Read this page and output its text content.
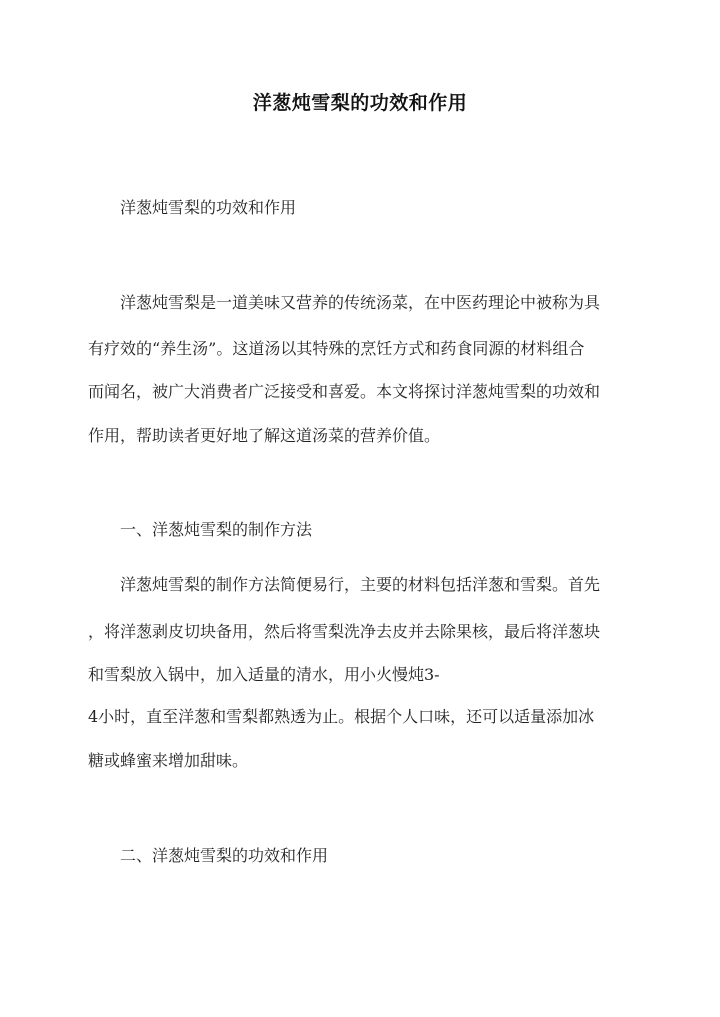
洋葱炖雪梨的功效和作用
洋葱炖雪梨的功效和作用
洋葱炖雪梨是一道美味又营养的传统汤菜，在中医药理论中被称为具
有疗效的“养生汤”。这道汤以其特殊的烹饪方式和药食同源的材料组合
而闻名，被广大消费者广泛接受和喜爱。本文将探讨洋葱炖雪梨的功效和
作用，帮助读者更好地了解这道汤菜的营养价值。
一、洋葱炖雪梨的制作方法
洋葱炖雪梨的制作方法简便易行，主要的材料包括洋葱和雪梨。首先
，将洋葱剥皮切块备用，然后将雪梨洗净去皮并去除果核，最后将洋葱块
和雪梨放入锅中，加入适量的清水，用小火慢炖3-
4小时，直至洋葱和雪梨都熟透为止。根据个人口味，还可以适量添加冰
糖或蜂蜜来增加甜味。
二、洋葱炖雪梨的功效和作用
